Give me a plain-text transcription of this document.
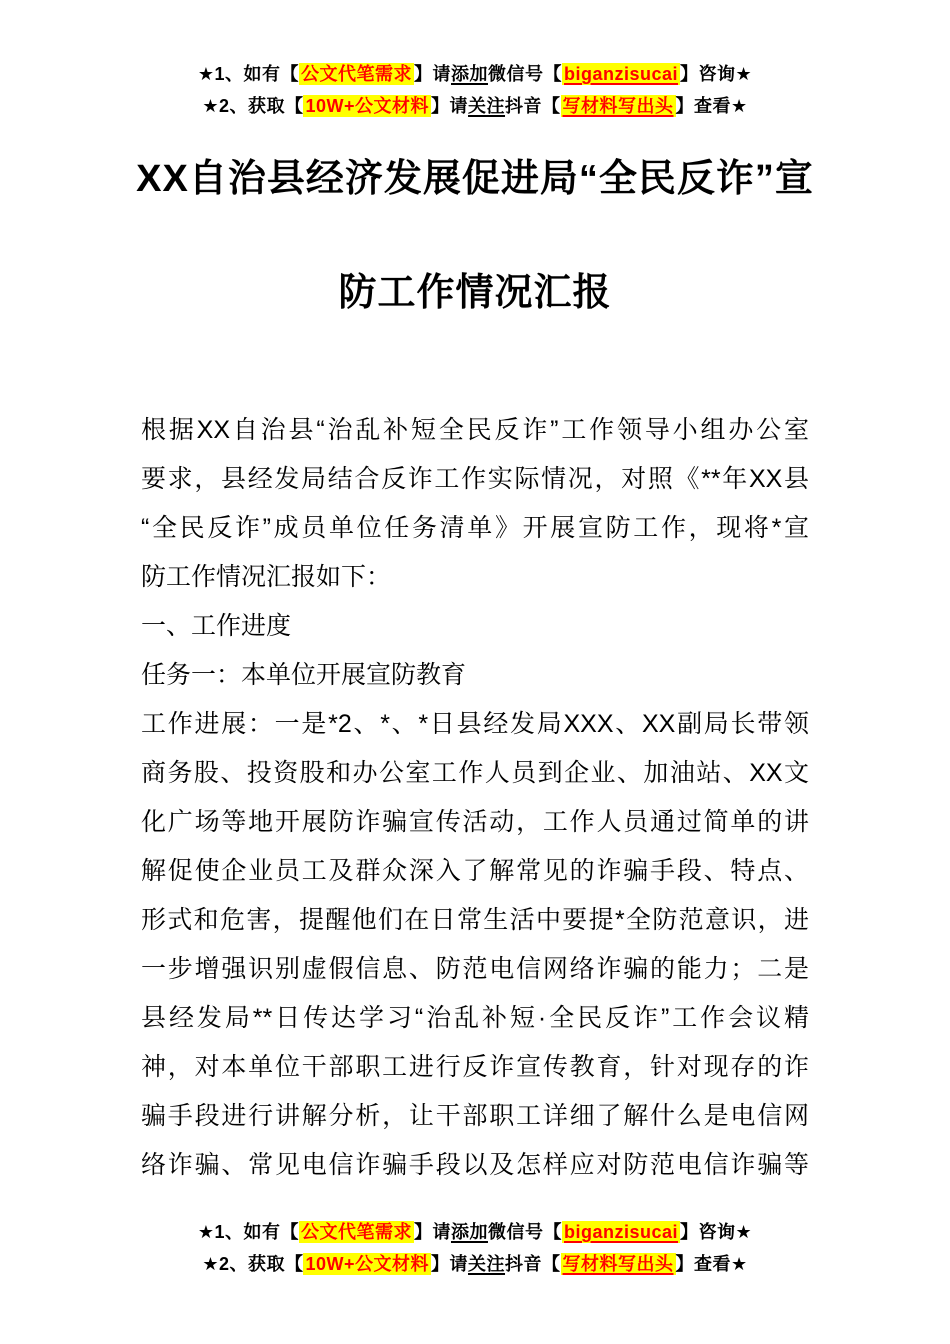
★1、如有【 公文代笔需求 】请添加微信号【 biganzisucai 】咨询★
★2、获取【 10W+公文材料 】请关注抖音【 写材料写出头 】查看★
XX自治县经济发展促进局“全民反诈”宣
防工作情况汇报
根据XX自治县“治乱补短全民反诈”工作领导小组办公室
要求，县经发局结合反诈工作实际情况，对照《**年XX县
“全民反诈”成员单位任务清单》开展宣防工作，现将*宣
防工作情况汇报如下：
一、工作进度
任务一：本单位开展宣防教育
工作进展：一是*2、*、*日县经发局XXX、XX副局长带领
商务股、投资股和办公室工作人员到企业、加油站、XX文
化广场等地开展防诈骗宣传活动，工作人员通过简单的讲
解促使企业员工及群众深入了解常见的诈骗手段、特点、
形式和危害，提醒他们在日常生活中要提*全防范意识，进
一步增强识别虚假信息、防范电信网络诈骗的能力；二是
县经发局**日传达学习“治乱补短·全民反诈”工作会议精
神，对本单位干部职工进行反诈宣传教育，针对现存的诈
骗手段进行讲解分析，让干部职工详细了解什么是电信网
络诈骗、常见电信诈骗手段以及怎样应对防范电信诈骗等
★1、如有【 公文代笔需求 】请添加微信号【 biganzisucai 】咨询★
★2、获取【 10W+公文材料 】请关注抖音【 写材料写出头 】查看★
